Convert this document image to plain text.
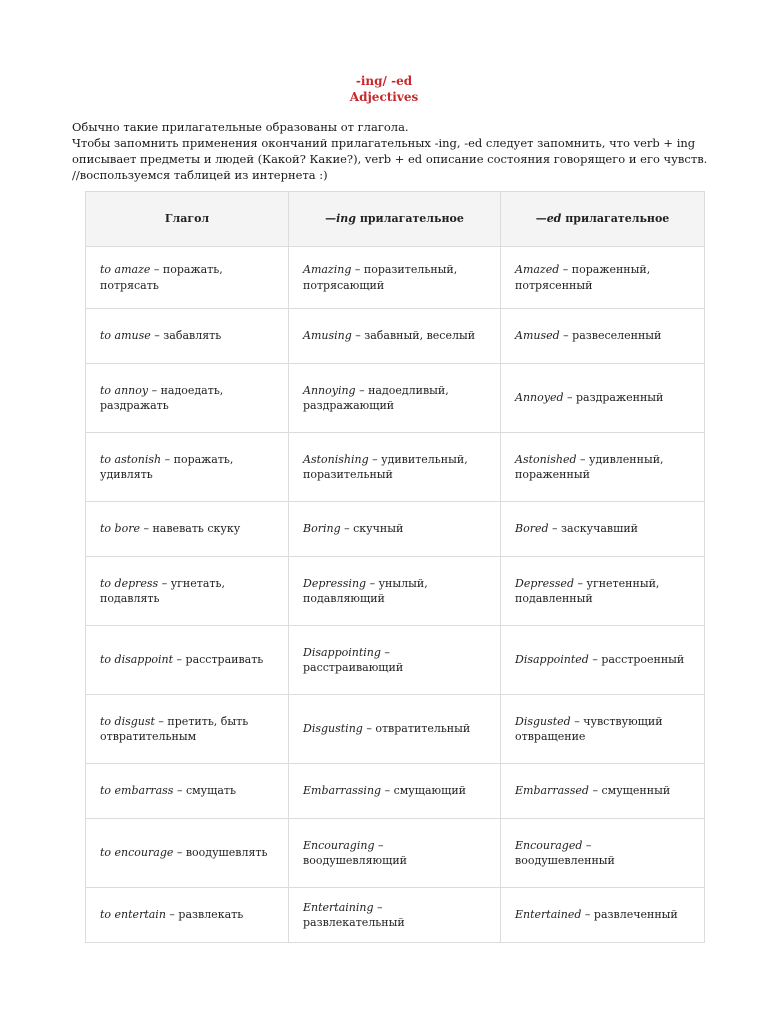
-ing/ -ed
Adjectives
Обычно такие прилагательные образованы от глагола.
Чтобы запомнить применения окончаний прилагательных -ing, -ed следует запомнить, что verb + ing
описывает предметы и людей (Какой? Какие?), verb + ed описание состояния говорящего и его чувств.
//воспользуемся таблицей из интернета :)
Глагол	—ing прилагательное	—ed прилагательное
to amaze – поражать, потрясать	Amazing – поразительный, потрясающий	Amazed – пораженный, потрясенный
to amuse – забавлять	Amusing – забавный, веселый	Amused – развеселенный
to annoy – надоедать, раздражать	Annoying – надоедливый, раздражающий	Annoyed – раздраженный
to astonish – поражать, удивлять	Astonishing – удивительный, поразительный	Astonished – удивленный, пораженный
to bore – навевать скуку	Boring – скучный	Bored – заскучавший
to depress – угнетать, подавлять	Depressing – унылый, подавляющий	Depressed – угнетенный, подавленный
to disappoint – расстраивать	Disappointing – расстраивающий	Disappointed – расстроенный
to disgust – претить, быть отвратительным	Disgusting – отвратительный	Disgusted – чувствующий отвращение
to embarrass – смущать	Embarrassing – смущающий	Embarrassed – смущенный
to encourage – воодушевлять	Encouraging – воодушевляющий	Encouraged – воодушевленный
to entertain – развлекать	Entertaining – развлекательный	Entertained – развлеченный
